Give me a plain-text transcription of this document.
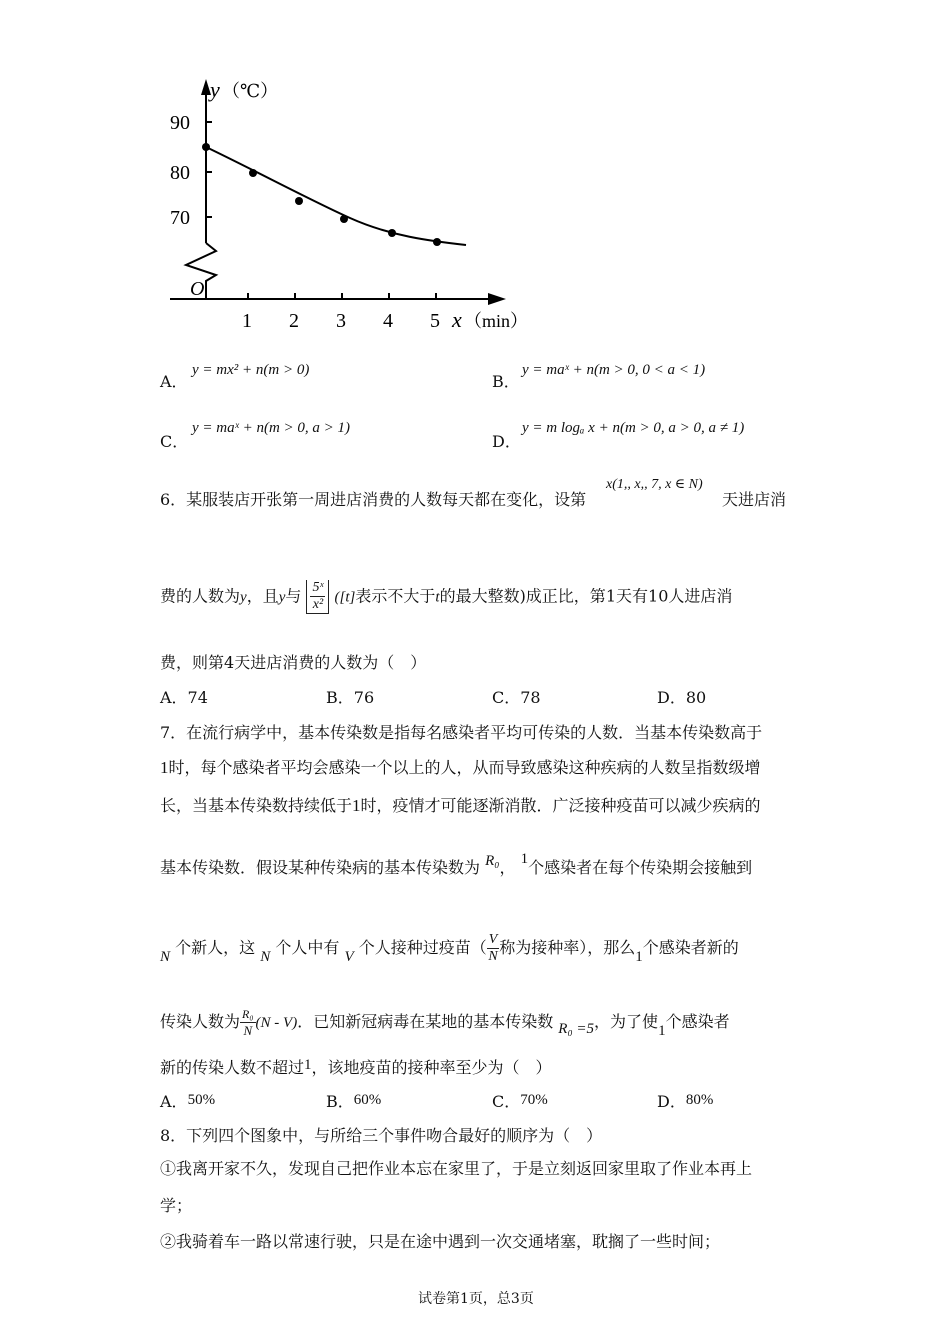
y （℃）
90
80
70
O
1 2 3 4 5 x （min）
A．
y = mx² + n(m > 0)
B．
y = maˣ + n(m > 0, 0 < a < 1)
C．
y = maˣ + n(m > 0, a > 1)
D．
y = m logₐ x + n(m > 0, a > 0, a ≠ 1)
6．某服装店开张第一周进店消费的人数每天都在变化，设第
x(1,, x,, 7, x ∈ N)
天进店消
费的人数为y，且y与 $\frac{\text{5ˣ}}{\text{x²}} ([t]$表示不大于t的最大整数)成正比，第1天有10人进店消
费，则第4天进店消费的人数为（　）
A．74	B．76	C．78	D．80
7．在流行病学中，基本传染数是指每名感染者平均可传染的人数．当基本传染数高于
1时，每个感染者平均会感染一个以上的人，从而导致感染这种疾病的人数呈指数级增
长，当基本传染数持续低于1时，疫情才可能逐渐消散．广泛接种疫苗可以减少疾病的
基本传染数．假设某种传染病的基本传染数为 R₀， 1个感染者在每个传染期会接触到
N 个新人，这 N 个人中有 V 个人接种过疫苗（ $\frac{V}{N}$ 称为接种率），那么1个感染者新的
传染人数为 $\frac{\text{R₀}}{N} (N - V)$．已知新冠病毒在某地的基本传染数 R₀ =5，为了使1个感染者
新的传染人数不超过1，该地疫苗的接种率至少为（　）
A．50%	B．60%	C．70%	D．80%
8．下列四个图象中，与所给三个事件吻合最好的顺序为（　）
①我离开家不久，发现自己把作业本忘在家里了，于是立刻返回家里取了作业本再上
学；
②我骑着车一路以常速行驶，只是在途中遇到一次交通堵塞，耽搁了一些时间；
试卷第1页，总3页
